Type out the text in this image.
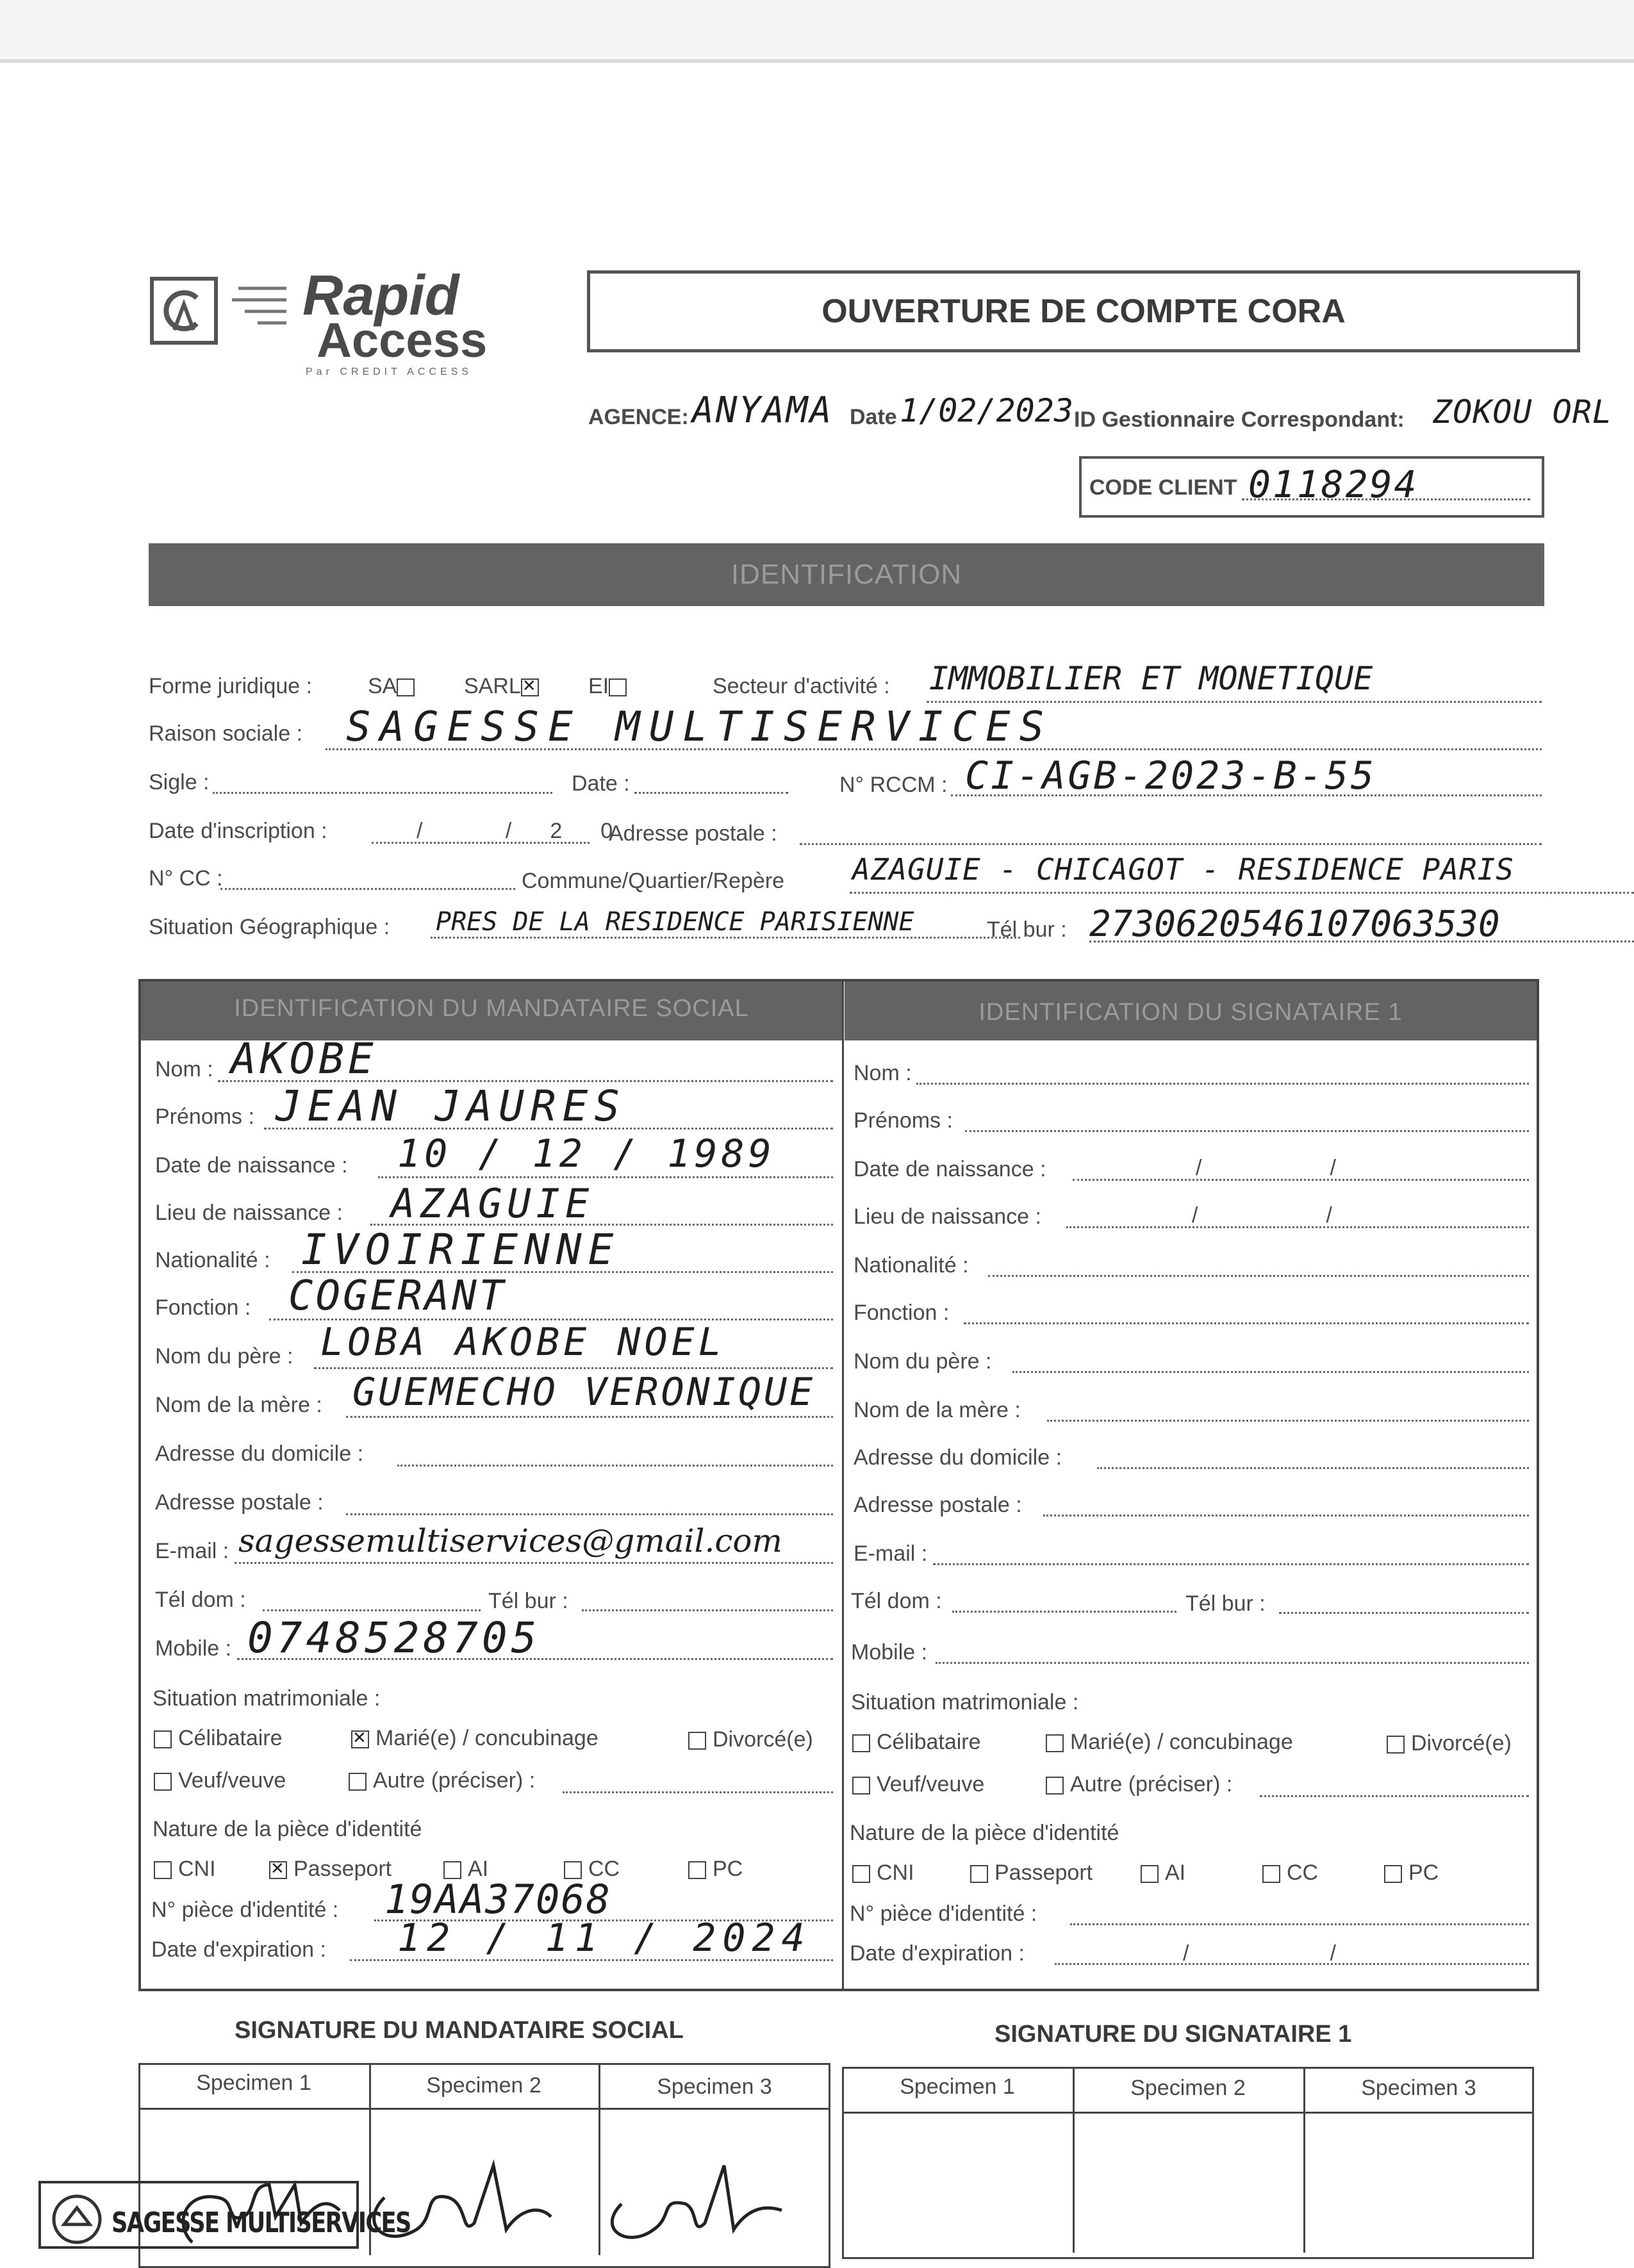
Rapid
Access
Par CREDIT ACCESS
OUVERTURE DE COMPTE CORA
AGENCE: ANYAMA Date 1/02/2023 ID Gestionnaire Correspondant: ZOKOU ORL
CODE CLIENT 0118294
IDENTIFICATION
Forme juridique :	SA	SARL ✕	EI	Secteur d'activité : IMMOBILIER ET MONETIQUE
Raison sociale : SAGESSE MULTISERVICES
Sigle :	Date :	N° RCCM : CI-AGB-2023-B-55
Date d'inscription :	/ /20
Adresse postale :
N° CC :	Commune/Quartier/Repère AZAGUIE - CHICAGOT - RESIDENCE PARIS
Situation Géographique : PRES DE LA RESIDENCE PARISIENNE	Tél bur : 2730620546107063530
IDENTIFICATION DU MANDATAIRE SOCIAL	IDENTIFICATION DU SIGNATAIRE 1
Nom : AKOBE
Prénoms : JEAN JAURES
Date de naissance : 10 / 12 / 1989
Lieu de naissance : AZAGUIE
Nationalité : IVOIRIENNE
Fonction : COGERANT
Nom du père : LOBA AKOBE NOEL
Nom de la mère : GUEMECHO VERONIQUE
Adresse du domicile :
Adresse postale :
E-mail : sagessemultiservices@gmail.com
Tél dom :	Tél bur :
Mobile : 0748528705
Situation matrimoniale :
Célibataire ✕	Marié(e) / concubinage	Divorcé(e)
Veuf/veuve	Autre (préciser) :
Nature de la pièce d'identité
CNI ✕	Passeport	AI	CC	PC
N° pièce d'identité : 19AA37068
Date d'expiration : 12 / 11 / 2024
Nom :
Prénoms :
Date de naissance :	//
Lieu de naissance :	//
Nationalité :
Fonction :
Nom du père :
Nom de la mère :
Adresse du domicile :
Adresse postale :
E-mail :
Tél dom :	Tél bur :
Mobile :
Situation matrimoniale :
Célibataire	Marié(e) / concubinage	Divorcé(e)
Veuf/veuve	Autre (préciser) :
Nature de la pièce d'identité
CNI	Passeport	AI	CC	PC
N° pièce d'identité :
Date d'expiration :	//
SIGNATURE DU MANDATAIRE SOCIAL	SIGNATURE DU SIGNATAIRE 1
Specimen 1	Specimen 2	Specimen 3	Specimen 1	Specimen 2	Specimen 3
SAGESSE MULTISERVICES
